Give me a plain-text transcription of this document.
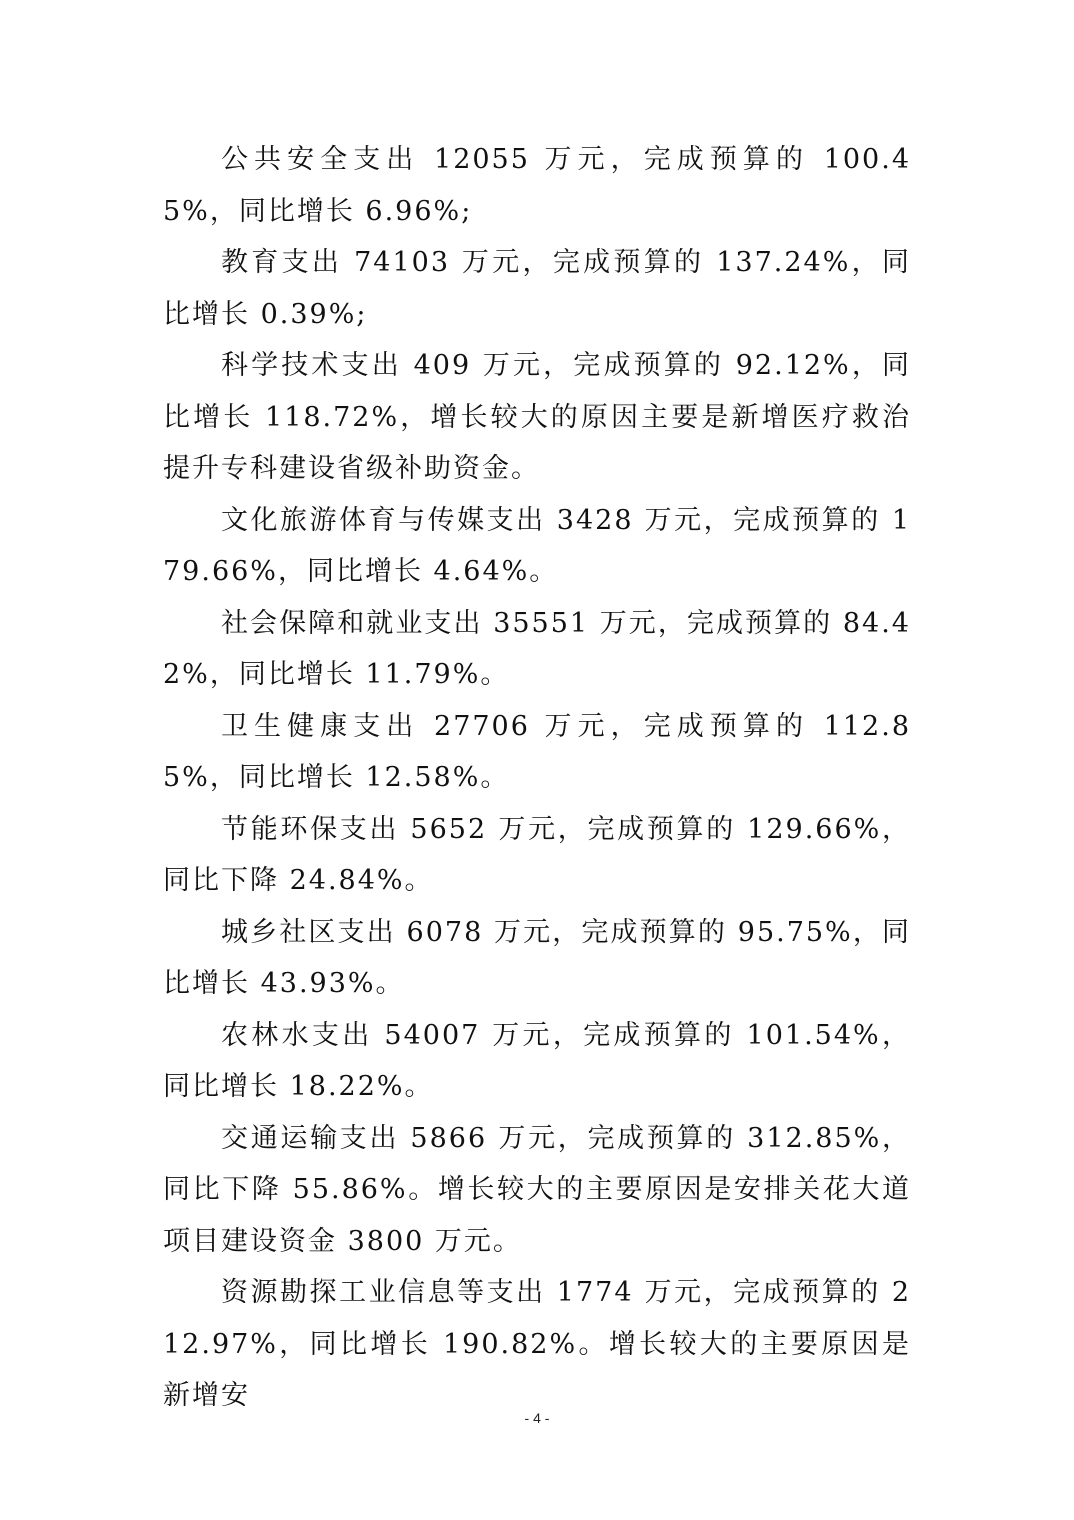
公共安全支出 12055 万元，完成预算的 100.45%，同比增长 6.96%;

教育支出 74103 万元，完成预算的 137.24%，同比增长 0.39%;

科学技术支出 409 万元，完成预算的 92.12%，同比增长 118.72%，增长较大的原因主要是新增医疗救治提升专科建设省级补助资金。

文化旅游体育与传媒支出 3428 万元，完成预算的 179.66%，同比增长 4.64%。

社会保障和就业支出 35551 万元，完成预算的 84.42%，同比增长 11.79%。

卫生健康支出 27706 万元，完成预算的 112.85%，同比增长 12.58%。

节能环保支出 5652 万元，完成预算的 129.66%，同比下降 24.84%。

城乡社区支出 6078 万元，完成预算的 95.75%，同比增长 43.93%。

农林水支出 54007 万元，完成预算的 101.54%，同比增长 18.22%。

交通运输支出 5866 万元，完成预算的 312.85%，同比下降 55.86%。增长较大的主要原因是安排关花大道项目建设资金 3800 万元。

资源勘探工业信息等支出 1774 万元，完成预算的 212.97%，同比增长 190.82%。增长较大的主要原因是新增安

- 4 -
